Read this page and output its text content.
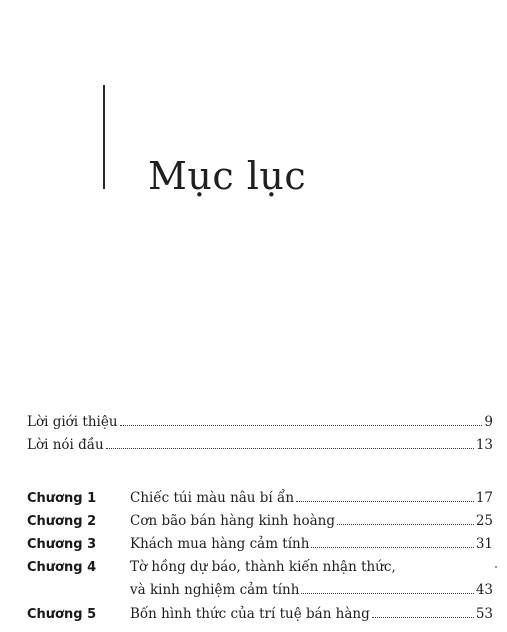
Mục lục
Lời giới thiệu	9
Lời nói đầu	13
Chương 1	Chiếc túi màu nâu bí ẩn	17
Chương 2	Cơn bão bán hàng kinh hoàng	25
Chương 3	Khách mua hàng cảm tính	31
Chương 4	Tờ hồng dự báo, thành kiến nhận thức,
và kinh nghiệm cảm tính	43
Chương 5	Bốn hình thức của trí tuệ bán hàng	53
